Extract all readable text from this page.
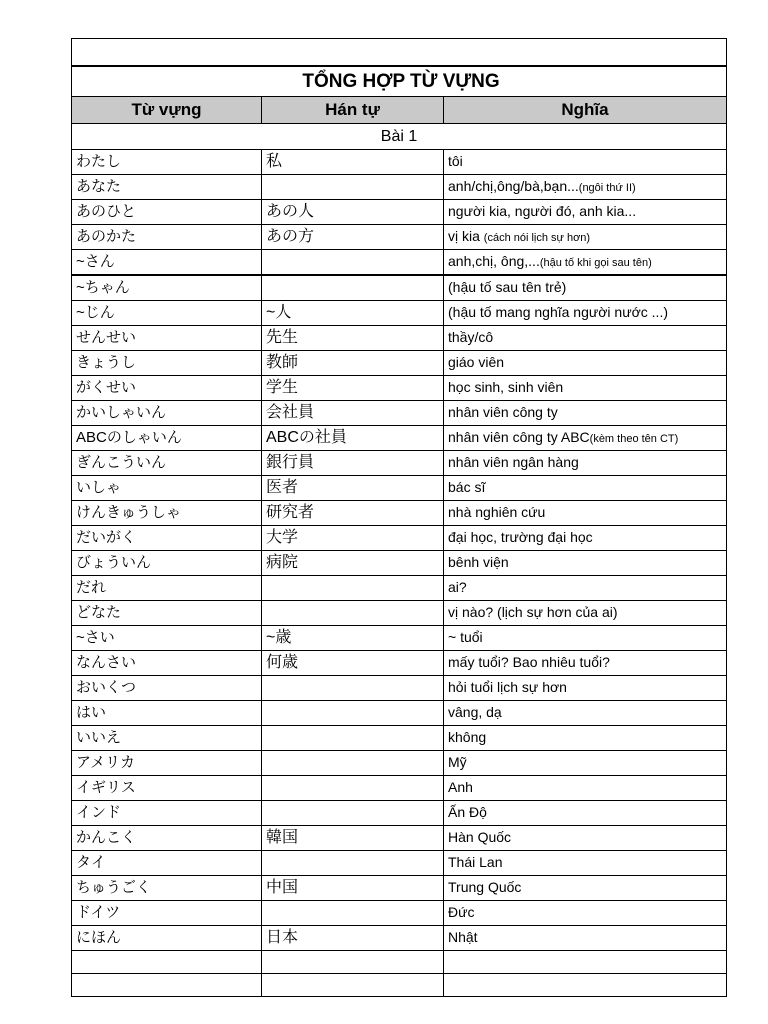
TỔNG HỢP TỪ VỰNG		
Từ vựng	Hán tự	Nghĩa
Bài 1		
わたし	私	tôi
あなた		anh/chị,ông/bà,bạn...(ngôi thứ II)
あのひと	あの人	người kia, người đó, anh kia...
あのかた	あの方	vị kia (cách nói lịch sự hơn)
~さん		anh,chị, ông,...(hậu tố khi gọi sau tên)
~ちゃん		(hậu tố sau tên trẻ)
~じん	~人	(hậu tố mang nghĩa người nước ...)
せんせい	先生	thầy/cô
きょうし	教師	giáo viên
がくせい	学生	học sinh, sinh viên
かいしゃいん	会社員	nhân viên công ty
ABCのしゃいん	ABCの社員	nhân viên công ty ABC(kèm theo tên CT)
ぎんこういん	銀行員	nhân viên ngân hàng
いしゃ	医者	bác sĩ
けんきゅうしゃ	研究者	nhà nghiên cứu
だいがく	大学	đại học, trường đại học
びょういん	病院	bênh viện
だれ		ai?
どなた		vị nào? (lịch sự hơn của ai)
~さい	~歳	~ tuổi
なんさい	何歳	mấy tuổi? Bao nhiêu tuổi?
おいくつ		hỏi tuổi lịch sự hơn
はい		vâng, dạ
いいえ		không
アメリカ		Mỹ
イギリス		Anh
インド		Ấn Độ
かんこく	韓国	Hàn Quốc
タイ		Thái Lan
ちゅうごく	中国	Trung Quốc
ドイツ		Đức
にほん	日本	Nhật
